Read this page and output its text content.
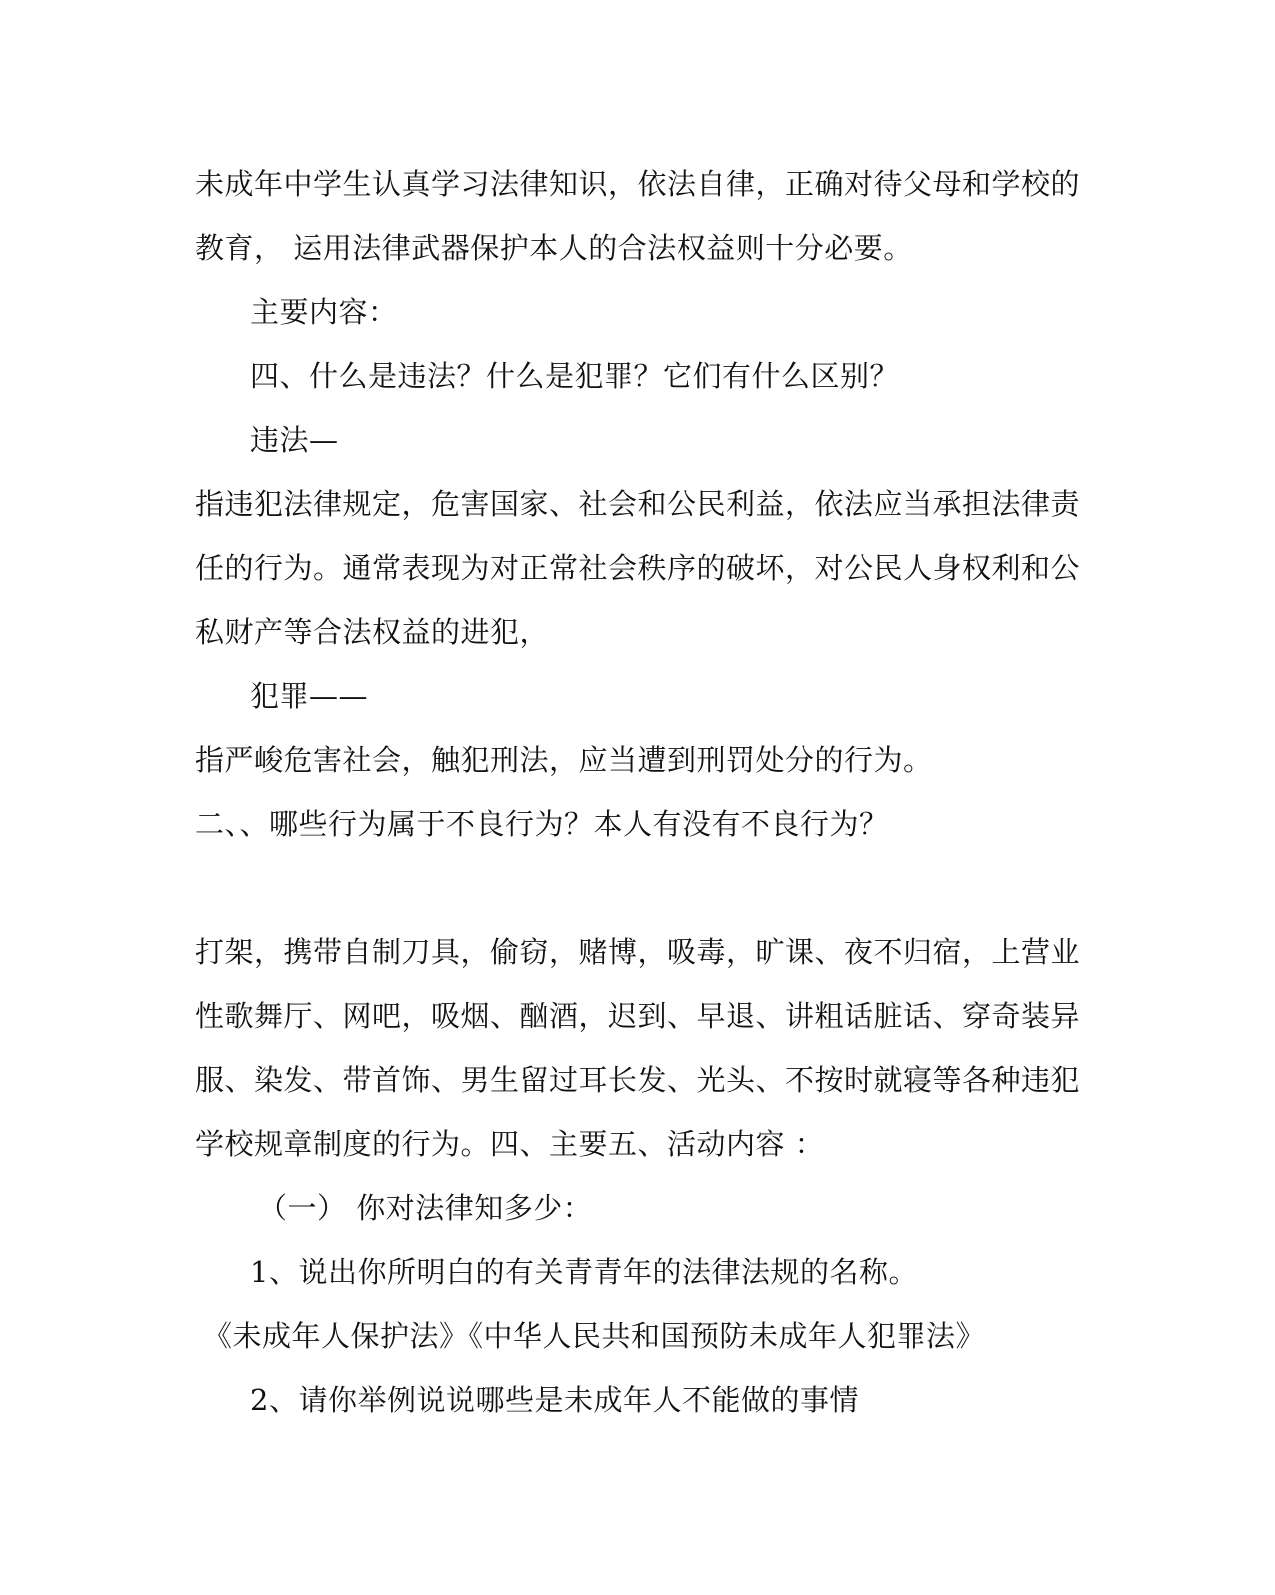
未成年中学生认真学习法律知识，依法自律，正确对待父母和学校的
教育， 运用法律武器保护本人的合法权益则十分必要。
主要内容：
四、什么是违法？什么是犯罪？它们有什么区别？
违法—
指违犯法律规定，危害国家、社会和公民利益，依法应当承担法律责
任的行为。通常表现为对正常社会秩序的破坏，对公民人身权利和公
私财产等合法权益的进犯，
犯罪——
指严峻危害社会，触犯刑法，应当遭到刑罚处分的行为。
二、、哪些行为属于不良行为？本人有没有不良行为？
打架，携带自制刀具，偷窃，赌博，吸毒，旷课、夜不归宿，上营业
性歌舞厅、网吧，吸烟、酗酒，迟到、早退、讲粗话脏话、穿奇装异
服、染发、带首饰、男生留过耳长发、光头、不按时就寝等各种违犯
学校规章制度的行为。四、主要五、活动内容 ：
（一） 你对法律知多少：
1、说出你所明白的有关青青年的法律法规的名称。
《未成年人保护法》《中华人民共和国预防未成年人犯罪法》
2、请你举例说说哪些是未成年人不能做的事情
